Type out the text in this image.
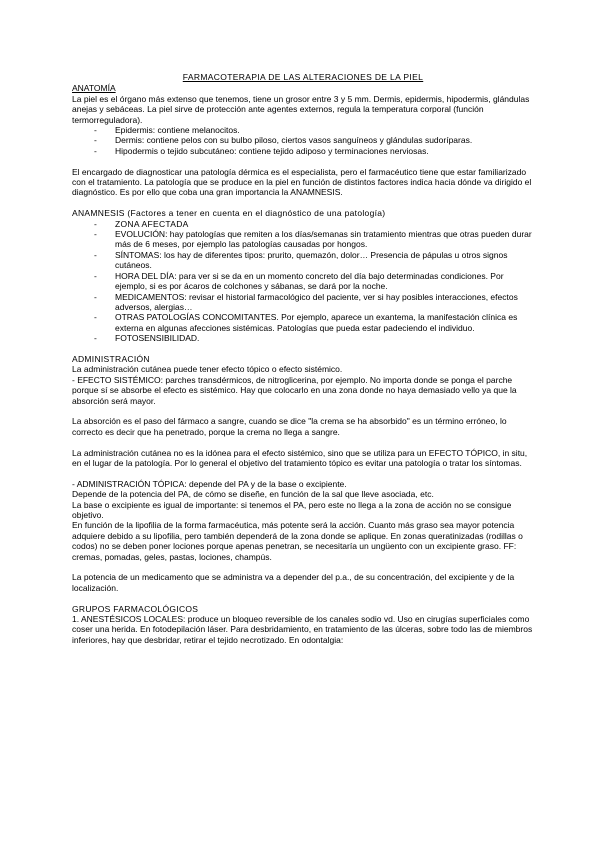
FARMACOTERAPIA DE LAS ALTERACIONES DE LA PIEL
ANATOMÍA

La piel es el órgano más extenso que tenemos, tiene un grosor entre 3 y 5 mm. Dermis, epidermis, hipodermis, glándulas anejas y sebáceas. La piel sirve de protección ante agentes externos, regula la temperatura corporal (función termorreguladora).

- Epidermis: contiene melanocitos.
- Dermis: contiene pelos con su bulbo piloso, ciertos vasos sanguíneos y glándulas sudoríparas.
- Hipodermis o tejido subcutáneo: contiene tejido adiposo y terminaciones nerviosas.

El encargado de diagnosticar una patología dérmica es el especialista, pero el farmacéutico tiene que estar familiarizado con el tratamiento. La patología que se produce en la piel en función de distintos factores indica hacia dónde va dirigido el diagnóstico. Es por ello que coba una gran importancia la ANAMNESIS.

ANAMNESIS (Factores a tener en cuenta en el diagnóstico de una patología)
- ZONA AFECTADA
- EVOLUCIÓN: hay patologías que remiten a los días/semanas sin tratamiento mientras que otras pueden durar más de 6 meses, por ejemplo las patologías causadas por hongos.
- SÍNTOMAS: los hay de diferentes tipos: prurito, quemazón, dolor… Presencia de pápulas u otros signos cutáneos.
- HORA DEL DÍA: para ver si se da en un momento concreto del día bajo determinadas condiciones. Por ejemplo, si es por ácaros de colchones y sábanas, se dará por la noche.
- MEDICAMENTOS: revisar el historial farmacológico del paciente, ver si hay posibles interacciones, efectos adversos, alergias…
- OTRAS PATOLOGÍAS CONCOMITANTES. Por ejemplo, aparece un exantema, la manifestación clínica es externa en algunas afecciones sistémicas. Patologías que pueda estar padeciendo el individuo.
- FOTOSENSIBILIDAD.
ADMINISTRACIÓN

La administración cutánea puede tener efecto tópico o efecto sistémico.

- EFECTO SISTÉMICO: parches transdérmicos, de nitroglicerina, por ejemplo. No importa donde se ponga el parche porque sí se absorbe el efecto es sistémico. Hay que colocarlo en una zona donde no haya demasiado vello ya que la absorción será mayor.

La absorción es el paso del fármaco a sangre, cuando se dice "la crema se ha absorbido" es un término erróneo, lo correcto es decir que ha penetrado, porque la crema no llega a sangre.

La administración cutánea no es la idónea para el efecto sistémico, sino que se utiliza para un EFECTO TÓPICO, in situ, en el lugar de la patología. Por lo general el objetivo del tratamiento tópico es evitar una patología o tratar los síntomas.

- ADMINISTRACIÓN TÓPICA: depende del PA y de la base o excipiente.

Depende de la potencia del PA, de cómo se diseñe, en función de la sal que lleve asociada, etc.

La base o excipiente es igual de importante: si tenemos el PA, pero este no llega a la zona de acción no se consigue objetivo.

En función de la lipofilia de la forma farmacéutica, más potente será la acción. Cuanto más graso sea mayor potencia adquiere debido a su lipofilia, pero también dependerá de la zona donde se aplique. En zonas queratinizadas (rodillas o codos) no se deben poner lociones porque apenas penetran, se necesitaría un ungüento con un excipiente graso. FF: cremas, pomadas, geles, pastas, lociones, champús.

La potencia de un medicamento que se administra va a depender del p.a., de su concentración, del excipiente y de la localización.

GRUPOS FARMACOLÓGICOS

1. ANESTÉSICOS LOCALES: produce un bloqueo reversible de los canales sodio vd. Uso en cirugías superficiales como coser una herida. En fotodepilación láser. Para desbridamiento, en tratamiento de las úlceras, sobre todo las de miembros inferiores, hay que desbridar, retirar el tejido necrotizado. En odontalgia:
